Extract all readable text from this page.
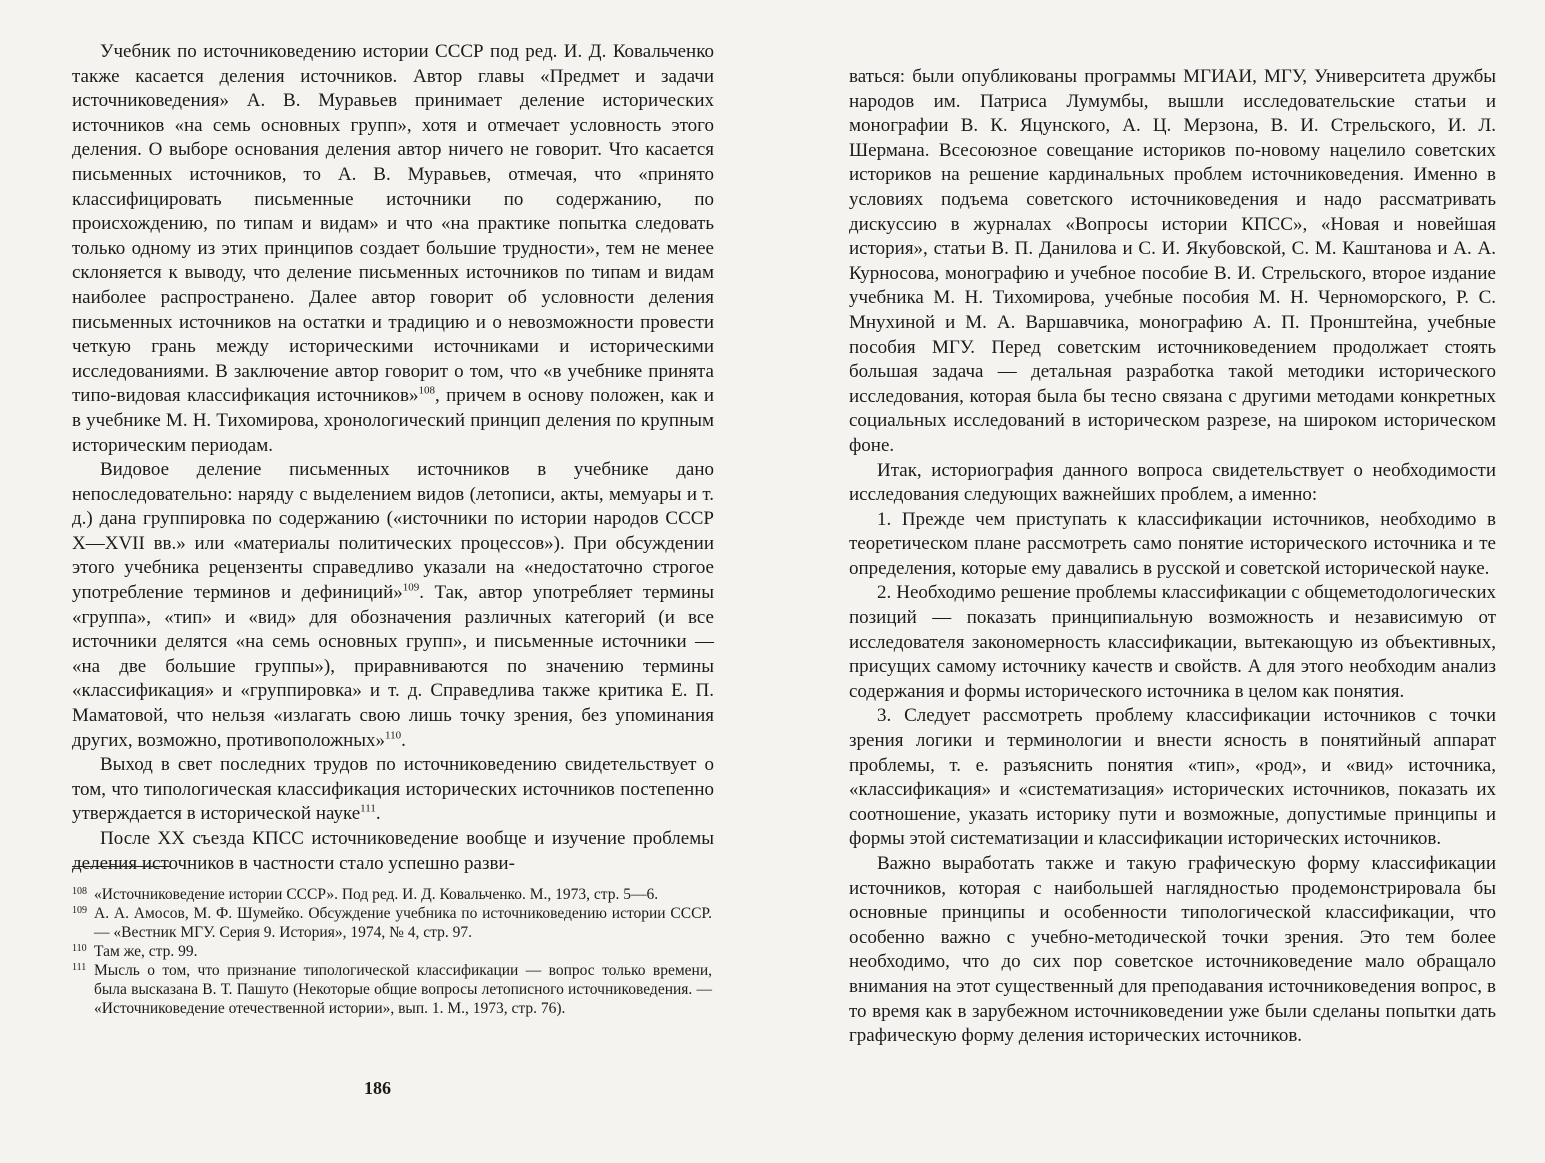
Учебник по источниковедению истории СССР под ред. И. Д. Ковальченко также касается деления источников. Автор главы «Предмет и задачи источниковедения» А. В. Муравьев принимает деление исторических источников «на семь основных групп», хотя и отмечает условность этого деления. О выборе основания деления автор ничего не говорит. Что касается письменных источников, то А. В. Муравьев, отмечая, что «принято классифицировать письменные источники по содержанию, по происхождению, по типам и видам» и что «на практике попытка следовать только одному из этих принципов создает большие трудности», тем не менее склоняется к выводу, что деление письменных источников по типам и видам наиболее распространено. Далее автор говорит об условности деления письменных источников на остатки и традицию и о невозможности провести четкую грань между историческими источниками и историческими исследованиями. В заключение автор говорит о том, что «в учебнике принята типо-видовая классификация источников»$^{108}$, причем в основу положен, как и в учебнике М. Н. Тихомирова, хронологический принцип деления по крупным историческим периодам.

Видовое деление письменных источников в учебнике дано непоследовательно: наряду с выделением видов (летописи, акты, мемуары и т. д.) дана группировка по содержанию («источники по истории народов СССР X—XVII вв.» или «материалы политических процессов»). При обсуждении этого учебника рецензенты справедливо указали на «недостаточно строгое употребление терминов и дефиниций»$^{109}$. Так, автор употребляет термины «группа», «тип» и «вид» для обозначения различных категорий (и все источники делятся «на семь основных групп», и письменные источники — «на две большие группы»), приравниваются по значению термины «классификация» и «группировка» и т. д. Справедлива также критика Е. П. Маматовой, что нельзя «излагать свою лишь точку зрения, без упоминания других, возможно, противоположных»$^{110}$.

Выход в свет последних трудов по источниковедению свидетельствует о том, что типологическая классификация исторических источников постепенно утверждается в исторической науке$^{111}$.

После XX съезда КПСС источниковедение вообще и изучение проблемы деления источников в частности стало успешно разви-

108 «Источниковедение истории СССР». Под ред. И. Д. Ковальченко. М., 1973, стр. 5—6.
109 А. А. Амосов, М. Ф. Шумейко. Обсуждение учебника по источниковедению истории СССР. — «Вестник МГУ. Серия 9. История», 1974, № 4, стр. 97.
110 Там же, стр. 99.
111 Мысль о том, что признание типологической классификации — вопрос только времени, была высказана В. Т. Пашуто (Некоторые общие вопросы летописного источниковедения. — «Источниковедение отечественной истории», вып. 1. М., 1973, стр. 76).
186

ваться: были опубликованы программы МГИАИ, МГУ, Университета дружбы народов им. Патриса Лумумбы, вышли исследовательские статьи и монографии В. К. Яцунского, А. Ц. Мерзона, В. И. Стрельского, И. Л. Шермана. Всесоюзное совещание историков по-новому нацелило советских историков на решение кардинальных проблем источниковедения. Именно в условиях подъема советского источниковедения и надо рассматривать дискуссию в журналах «Вопросы истории КПСС», «Новая и новейшая история», статьи В. П. Данилова и С. И. Якубовской, С. М. Каштанова и А. А. Курносова, монографию и учебное пособие В. И. Стрельского, второе издание учебника М. Н. Тихомирова, учебные пособия М. Н. Черноморского, Р. С. Мнухиной и М. А. Варшавчика, монографию А. П. Пронштейна, учебные пособия МГУ. Перед советским источниковедением продолжает стоять большая задача — детальная разработка такой методики исторического исследования, которая была бы тесно связана с другими методами конкретных социальных исследований в историческом разрезе, на широком историческом фоне.

Итак, историография данного вопроса свидетельствует о необходимости исследования следующих важнейших проблем, а именно:

1. Прежде чем приступать к классификации источников, необходимо в теоретическом плане рассмотреть само понятие исторического источника и те определения, которые ему давались в русской и советской исторической науке.

2. Необходимо решение проблемы классификации с общеметодологических позиций — показать принципиальную возможность и независимую от исследователя закономерность классификации, вытекающую из объективных, присущих самому источнику качеств и свойств. А для этого необходим анализ содержания и формы исторического источника в целом как понятия.

3. Следует рассмотреть проблему классификации источников с точки зрения логики и терминологии и внести ясность в понятийный аппарат проблемы, т. е. разъяснить понятия «тип», «род», и «вид» источника, «классификация» и «систематизация» исторических источников, показать их соотношение, указать историку пути и возможные, допустимые принципы и формы этой систематизации и классификации исторических источников.

Важно выработать также и такую графическую форму классификации источников, которая с наибольшей наглядностью продемонстрировала бы основные принципы и особенности типологической классификации, что особенно важно с учебно-методической точки зрения. Это тем более необходимо, что до сих пор советское источниковедение мало обращало внимания на этот существенный для преподавания источниковедения вопрос, в то время как в зарубежном источниковедении уже были сделаны попытки дать графическую форму деления исторических источников.
